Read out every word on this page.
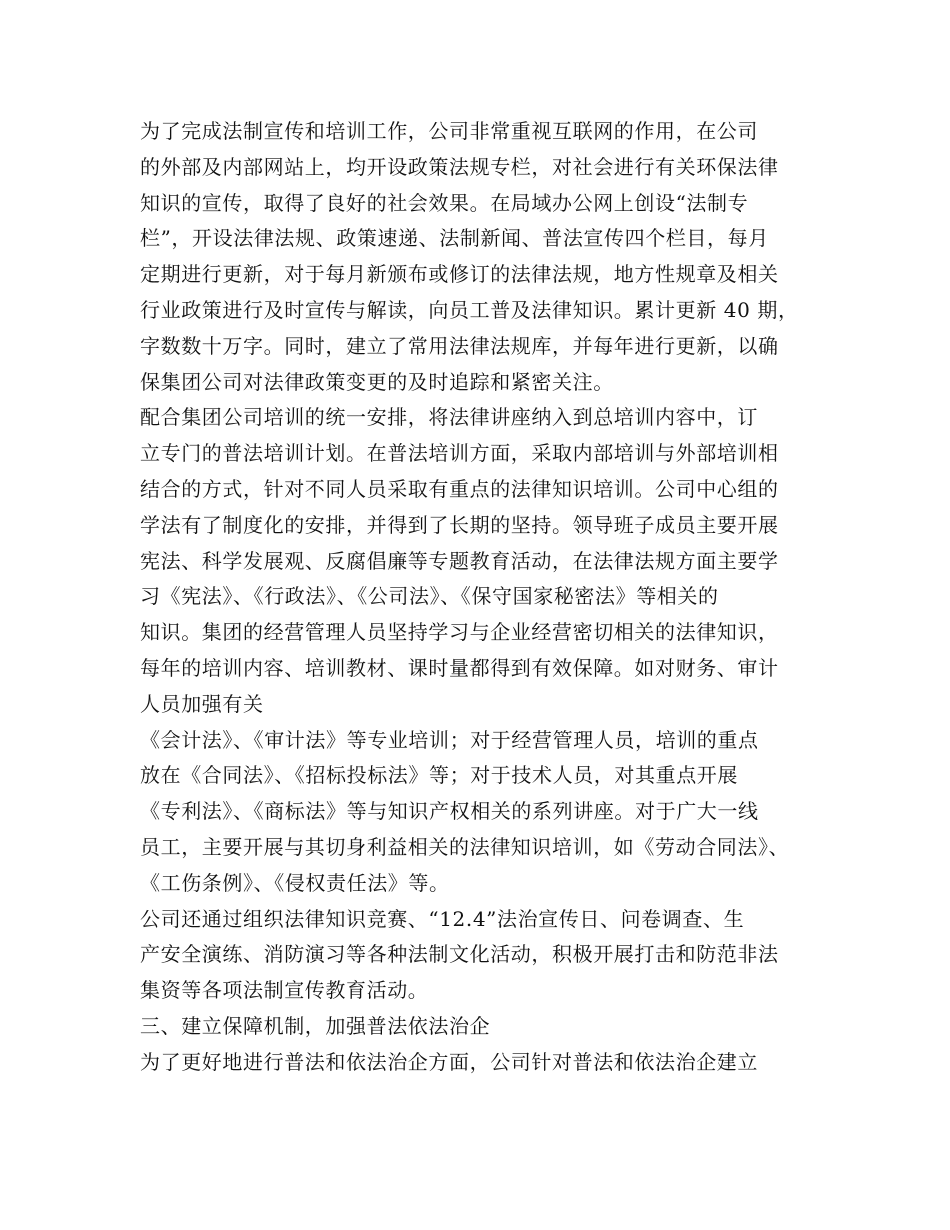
为了完成法制宣传和培训工作，公司非常重视互联网的作用，在公司
的外部及内部网站上，均开设政策法规专栏，对社会进行有关环保法律
知识的宣传，取得了良好的社会效果。在局域办公网上创设“法制专
栏”，开设法律法规、政策速递、法制新闻、普法宣传四个栏目，每月
定期进行更新，对于每月新颁布或修订的法律法规，地方性规章及相关
行业政策进行及时宣传与解读，向员工普及法律知识。累计更新 40 期，
字数数十万字。同时，建立了常用法律法规库，并每年进行更新，以确
保集团公司对法律政策变更的及时追踪和紧密关注。
配合集团公司培训的统一安排，将法律讲座纳入到总培训内容中，订
立专门的普法培训计划。在普法培训方面，采取内部培训与外部培训相
结合的方式，针对不同人员采取有重点的法律知识培训。公司中心组的
学法有了制度化的安排，并得到了长期的坚持。领导班子成员主要开展
宪法、科学发展观、反腐倡廉等专题教育活动，在法律法规方面主要学
习《宪法》、《行政法》、《公司法》、《保守国家秘密法》等相关的
知识。集团的经营管理人员坚持学习与企业经营密切相关的法律知识，
每年的培训内容、培训教材、课时量都得到有效保障。如对财务、审计
人员加强有关
《会计法》、《审计法》等专业培训；对于经营管理人员，培训的重点
放在《合同法》、《招标投标法》等；对于技术人员，对其重点开展
《专利法》、《商标法》等与知识产权相关的系列讲座。对于广大一线
员工，主要开展与其切身利益相关的法律知识培训，如《劳动合同法》、
《工伤条例》、《侵权责任法》等。
公司还通过组织法律知识竞赛、“12.4”法治宣传日、问卷调查、生
产安全演练、消防演习等各种法制文化活动，积极开展打击和防范非法
集资等各项法制宣传教育活动。
三、建立保障机制，加强普法依法治企
为了更好地进行普法和依法治企方面，公司针对普法和依法治企建立
